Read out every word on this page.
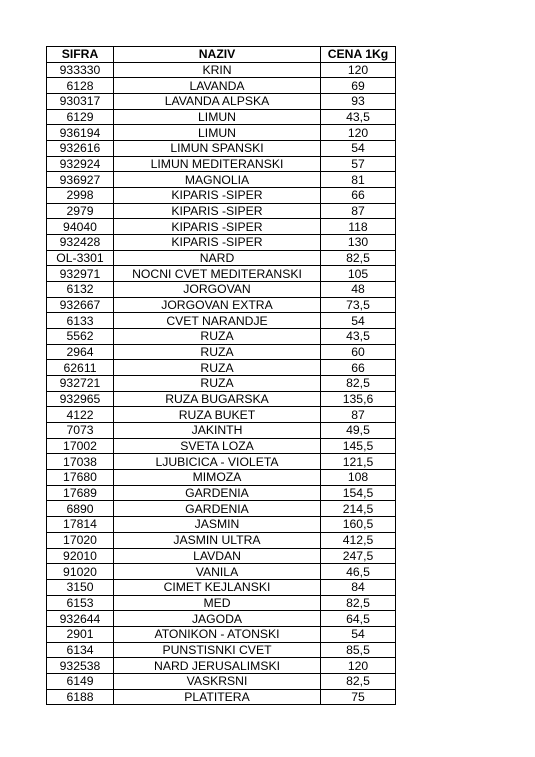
SIFRA	NAZIV	CENA 1Kg
933330	KRIN	120
6128	LAVANDA	69
930317	LAVANDA ALPSKA	93
6129	LIMUN	43,5
936194	LIMUN	120
932616	LIMUN SPANSKI	54
932924	LIMUN MEDITERANSKI	57
936927	MAGNOLIA	81
2998	KIPARIS -SIPER	66
2979	KIPARIS -SIPER	87
94040	KIPARIS -SIPER	118
932428	KIPARIS -SIPER	130
OL-3301	NARD	82,5
932971	NOCNI CVET MEDITERANSKI	105
6132	JORGOVAN	48
932667	JORGOVAN EXTRA	73,5
6133	CVET NARANDJE	54
5562	RUZA	43,5
2964	RUZA	60
62611	RUZA	66
932721	RUZA	82,5
932965	RUZA BUGARSKA	135,6
4122	RUZA BUKET	87
7073	JAKINTH	49,5
17002	SVETA LOZA	145,5
17038	LJUBICICA - VIOLETA	121,5
17680	MIMOZA	108
17689	GARDENIA	154,5
6890	GARDENIA	214,5
17814	JASMIN	160,5
17020	JASMIN ULTRA	412,5
92010	LAVDAN	247,5
91020	VANILA	46,5
3150	CIMET KEJLANSKI	84
6153	MED	82,5
932644	JAGODA	64,5
2901	ATONIKON - ATONSKI	54
6134	PUNSTISNKI CVET	85,5
932538	NARD JERUSALIMSKI	120
6149	VASKRSNI	82,5
6188	PLATITERA	75
